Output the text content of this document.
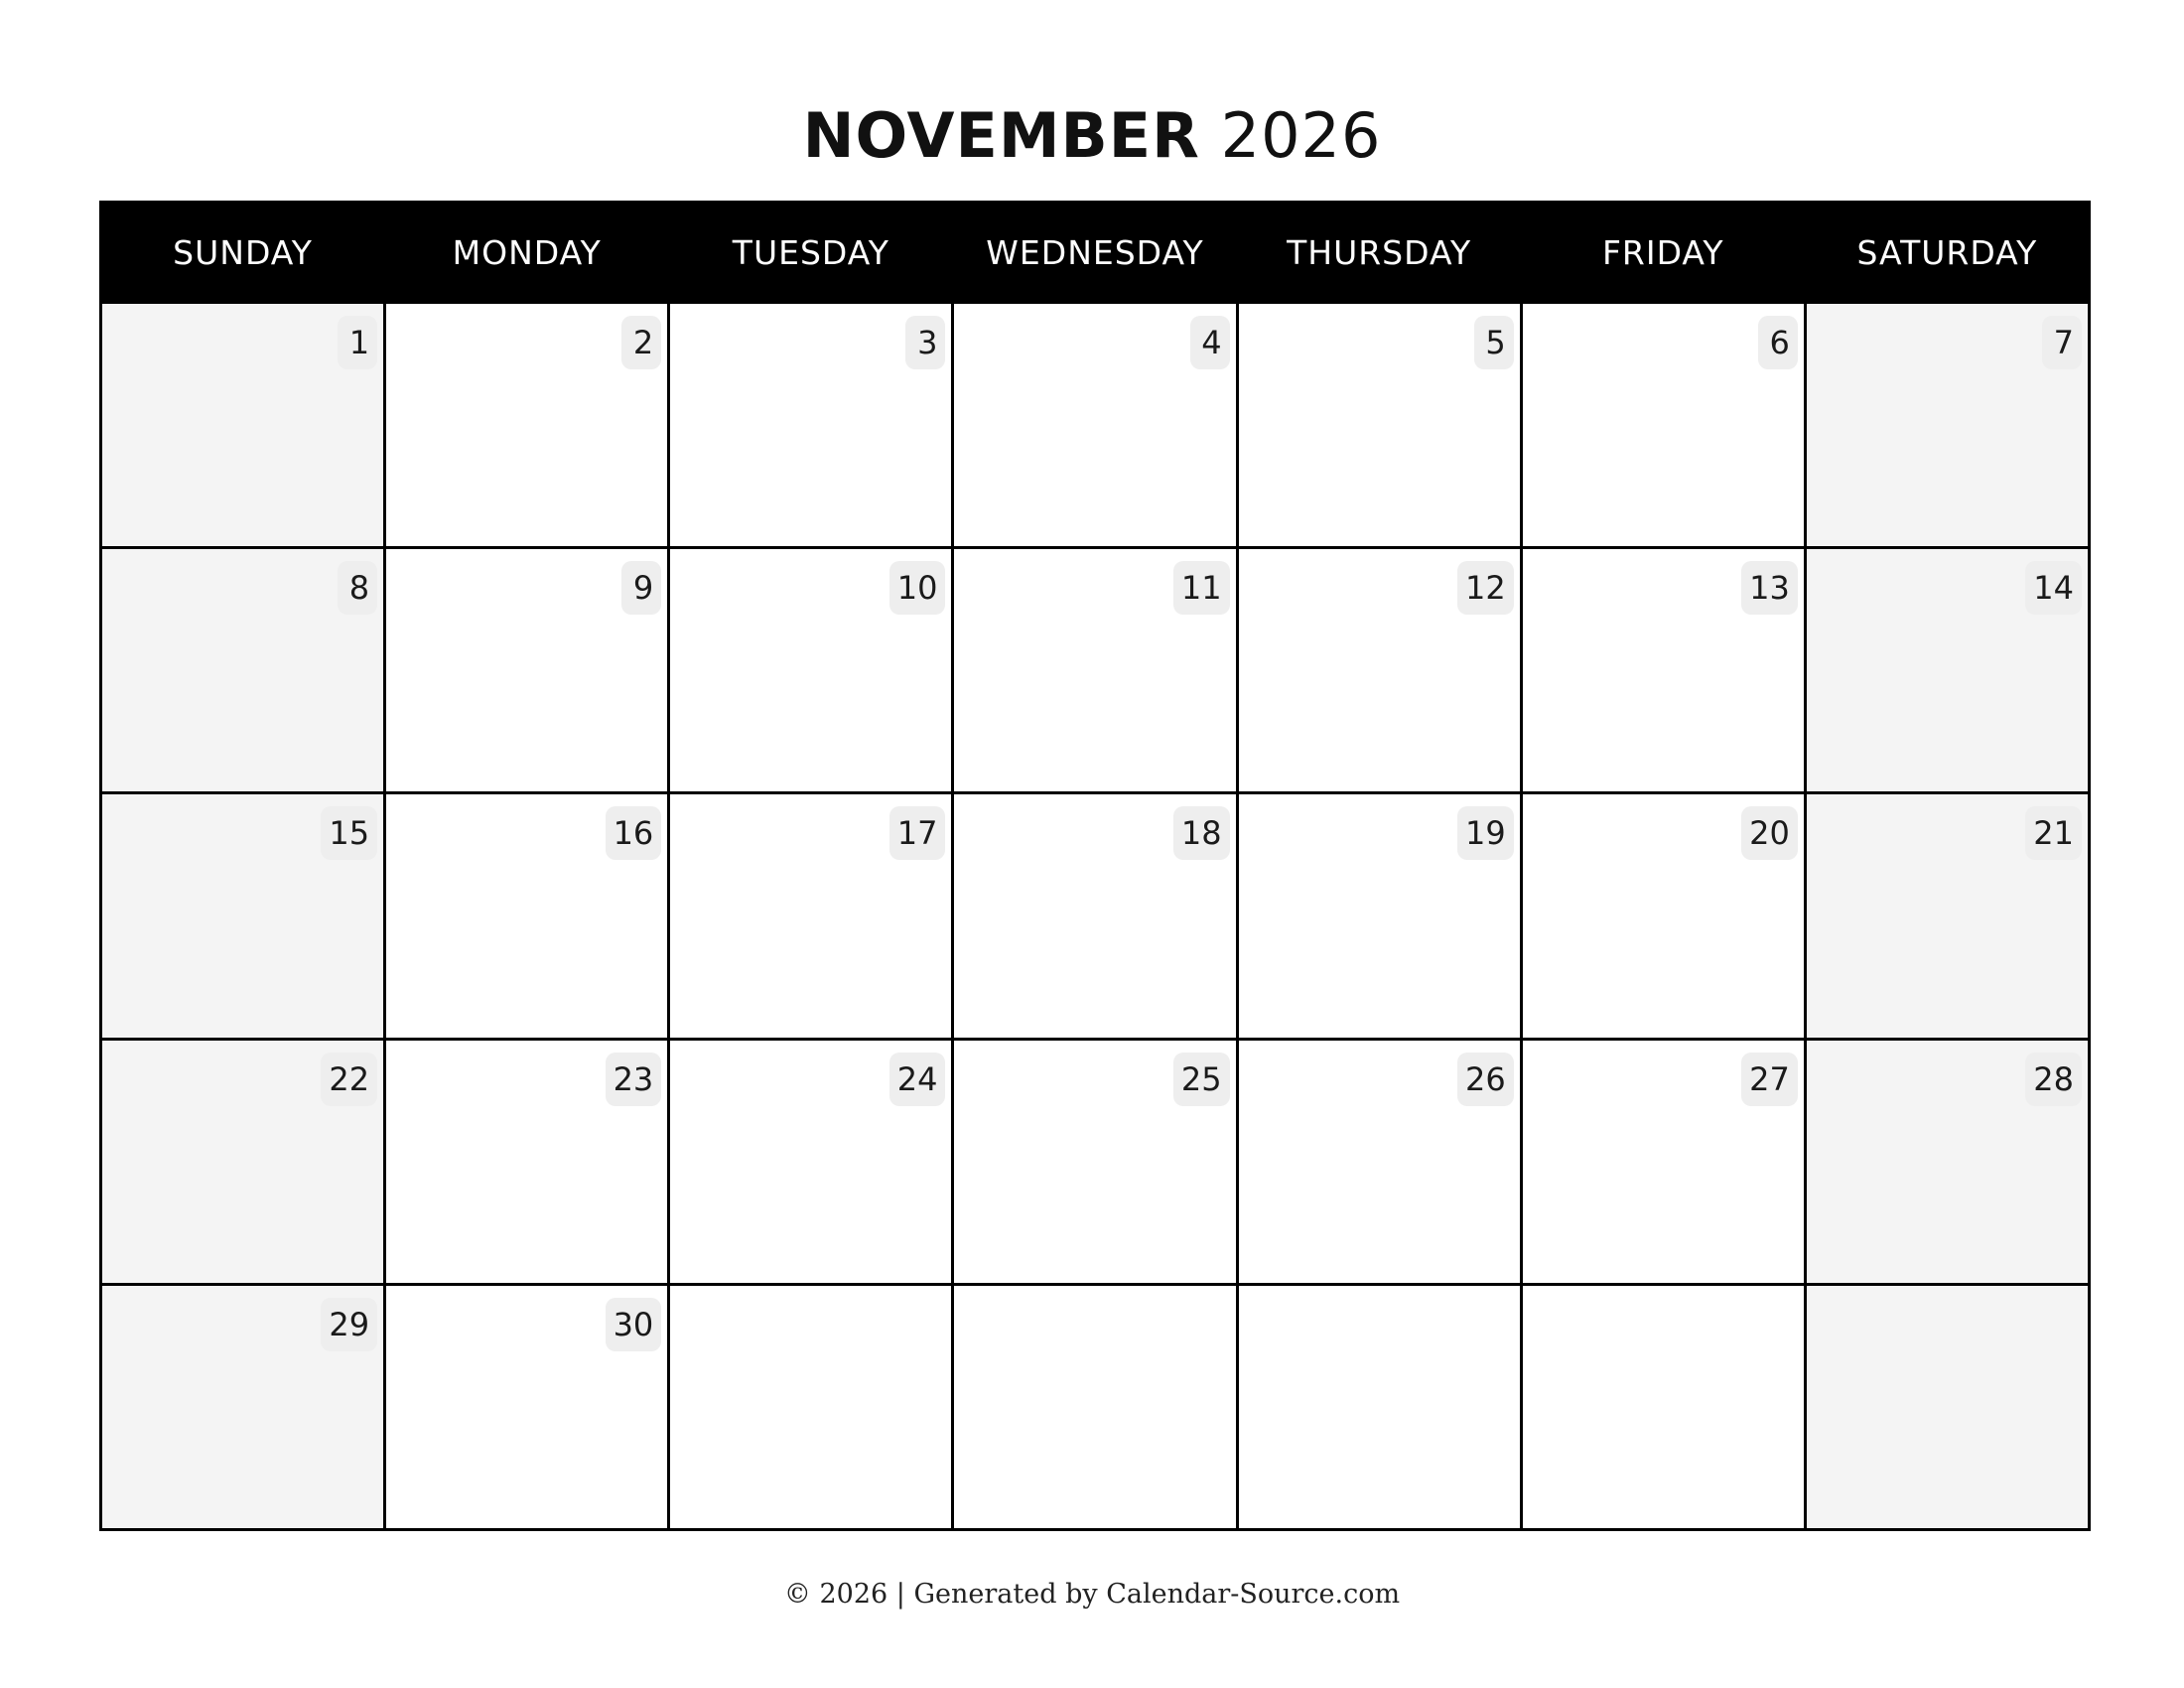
NOVEMBER 2026
SUNDAY	MONDAY	TUESDAY	WEDNESDAY	THURSDAY	FRIDAY	SATURDAY
1	2	3	4	5	6	7
8	9	10	11	12	13	14
15	16	17	18	19	20	21
22	23	24	25	26	27	28
29	30
© 2026 | Generated by Calendar-Source.com
